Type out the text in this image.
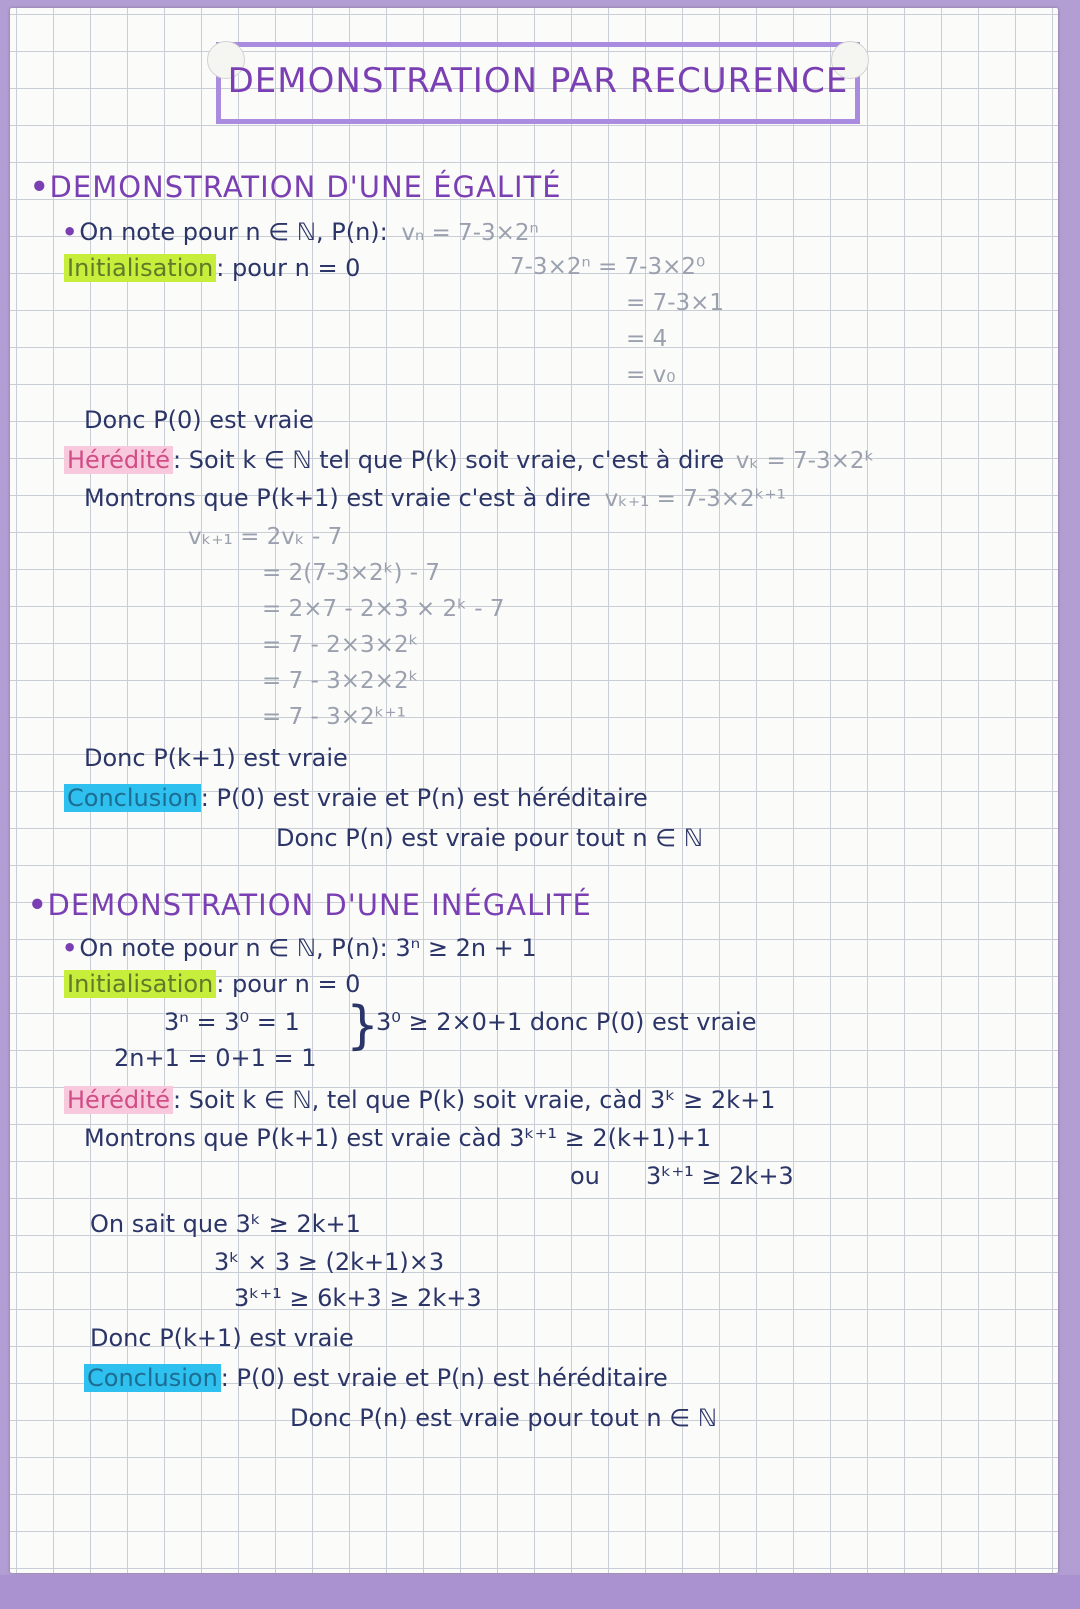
DEMONSTRATION PAR RECURENCE
•DEMONSTRATION D'UNE ÉGALITÉ
•On note pour n ∈ ℕ, P(n): vₙ = 7-3×2ⁿ
Initialisation : pour n = 0	7-3×2ⁿ = 7-3×2⁰
= 7-3×1
= 4
= v₀
Donc P(0) est vraie
Hérédité : Soit k ∈ ℕ tel que P(k) soit vraie, c'est à dire vₖ = 7-3×2ᵏ
Montrons que P(k+1) est vraie c'est à dire vₖ₊₁ = 7-3×2ᵏ⁺¹
vₖ₊₁ = 2vₖ - 7
= 2(7-3×2ᵏ) - 7
= 2×7 - 2×3 × 2ᵏ - 7
= 7 - 2×3×2ᵏ
= 7 - 3×2×2ᵏ
= 7 - 3×2ᵏ⁺¹
Donc P(k+1) est vraie
Conclusion : P(0) est vraie et P(n) est héréditaire
Donc P(n) est vraie pour tout n ∈ ℕ
•DEMONSTRATION D'UNE INÉGALITÉ
•On note pour n ∈ ℕ, P(n): 3ⁿ ≥ 2n + 1
Initialisation : pour n = 0
3ⁿ = 3⁰ = 1
2n+1 = 0+1 = 1
}
3⁰ ≥ 2×0+1 donc P(0) est vraie
Hérédité : Soit k ∈ ℕ, tel que P(k) soit vraie, càd 3ᵏ ≥ 2k+1
Montrons que P(k+1) est vraie càd 3ᵏ⁺¹ ≥ 2(k+1)+1
ou 3ᵏ⁺¹ ≥ 2k+3
On sait que 3ᵏ ≥ 2k+1
3ᵏ × 3 ≥ (2k+1)×3
3ᵏ⁺¹ ≥ 6k+3 ≥ 2k+3
Donc P(k+1) est vraie
Conclusion : P(0) est vraie et P(n) est héréditaire
Donc P(n) est vraie pour tout n ∈ ℕ
